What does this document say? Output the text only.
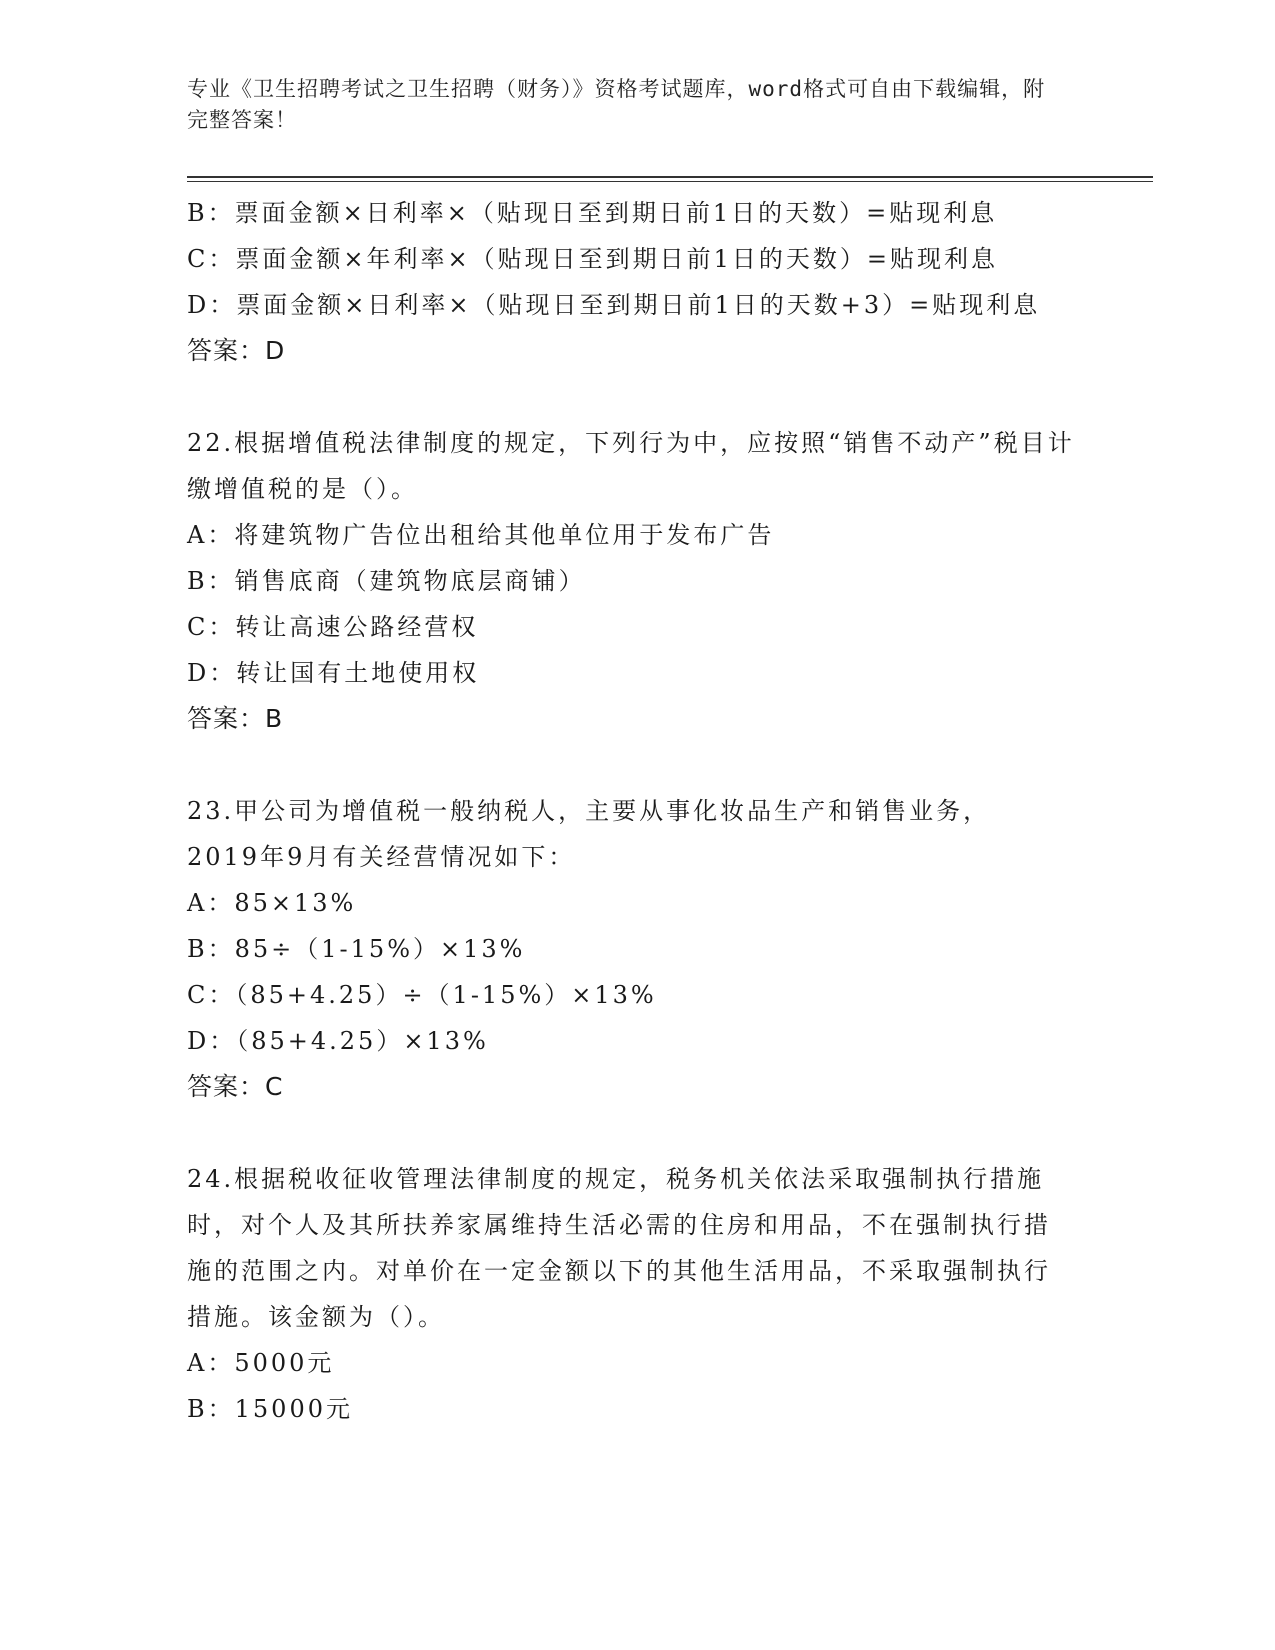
专业《卫生招聘考试之卫生招聘（财务）》资格考试题库，word格式可自由下载编辑，附完整答案！
B：票面金额×日利率×（贴现日至到期日前1日的天数）=贴现利息
C：票面金额×年利率×（贴现日至到期日前1日的天数）=贴现利息
D：票面金额×日利率×（贴现日至到期日前1日的天数+3）=贴现利息
答案：D
22.根据增值税法律制度的规定，下列行为中，应按照“销售不动产”税目计缴增值税的是（）。
A：将建筑物广告位出租给其他单位用于发布广告
B：销售底商（建筑物底层商铺）
C：转让高速公路经营权
D：转让国有土地使用权
答案：B
23.甲公司为增值税一般纳税人，主要从事化妆品生产和销售业务，
2019年9月有关经营情况如下：
A：85×13%
B：85÷（1-15%）×13%
C：（85+4.25）÷（1-15%）×13%
D：（85+4.25）×13%
答案：C
24.根据税收征收管理法律制度的规定，税务机关依法采取强制执行措施时，对个人及其所扶养家属维持生活必需的住房和用品，不在强制执行措施的范围之内。对单价在一定金额以下的其他生活用品，不采取强制执行措施。该金额为（）。
A：5000元
B：15000元
